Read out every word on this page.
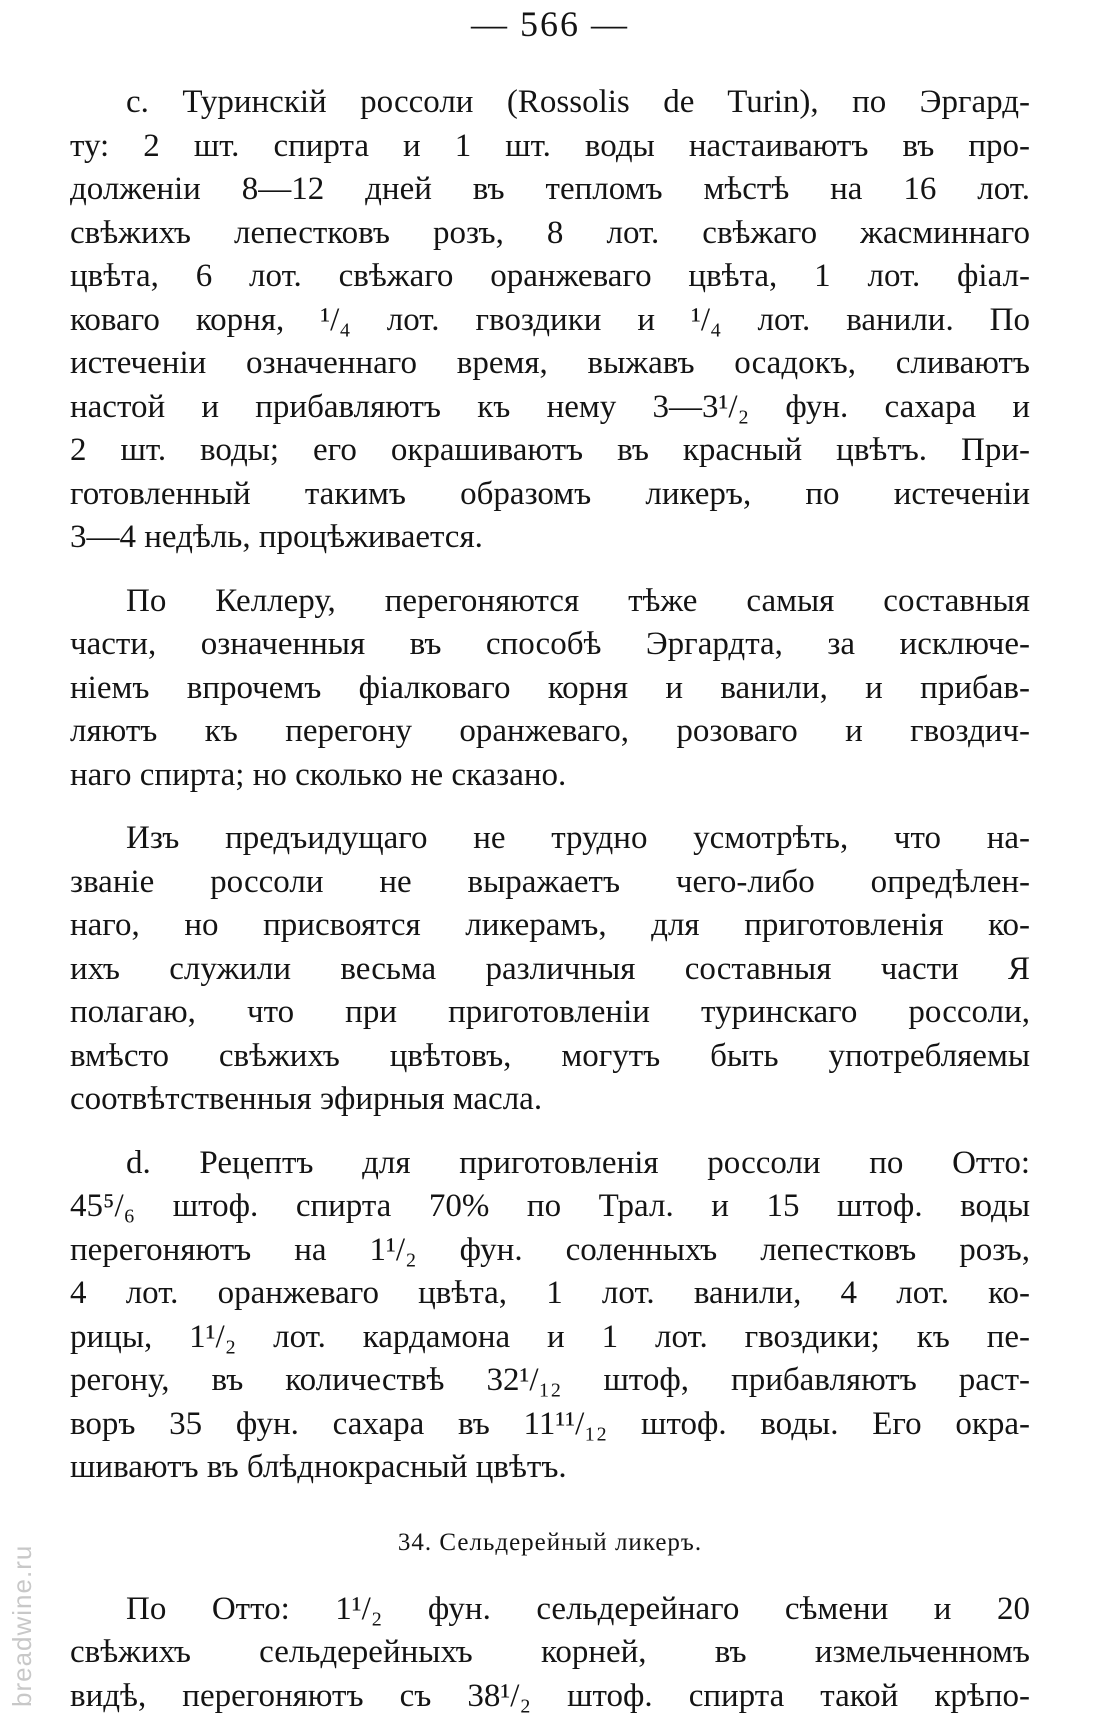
— 566 —
с. Туринскій россоли (Rossolis de Turin), по Эргард-
ту: 2 шт. спирта и 1 шт. воды настаиваютъ въ про-
долженіи 8—12 дней въ тепломъ мѣстѣ на 16 лот.
свѣжихъ лепестковъ розъ, 8 лот. свѣжаго жасминнаго
цвѣта, 6 лот. свѣжаго оранжеваго цвѣта, 1 лот. фіал-
коваго корня, ¹/₄ лот. гвоздики и ¹/₄ лот. ванили. По
истеченіи означеннаго время, выжавъ осадокъ, сливаютъ
настой и прибавляютъ къ нему 3—3¹/₂ фун. сахара и
2 шт. воды; его окрашиваютъ въ красный цвѣтъ. При-
готовленный такимъ образомъ ликеръ, по истеченіи
3—4 недѣль, процѣживается.
По Келлеру, перегоняются тѣже самыя составныя
части, означенныя въ способѣ Эргардта, за исключе-
ніемъ впрочемъ фіалковаго корня и ванили, и прибав-
ляютъ къ перегону оранжеваго, розоваго и гвоздич-
наго спирта; но сколько не сказано.
Изъ предъидущаго не трудно усмотрѣть, что на-
званіе россоли не выражаетъ чего-либо опредѣлен-
наго, но присвоятся ликерамъ, для приготовленія ко-
ихъ служили весьма различныя составныя части Я
полагаю, что при приготовленіи туринскаго россоли,
вмѣсто свѣжихъ цвѣтовъ, могутъ быть употребляемы
соотвѣтственныя эфирныя масла.
d. Рецептъ для приготовленія россоли по Отто:
45⁵/₆ штоф. спирта 70% по Трал. и 15 штоф. воды
перегоняютъ на 1¹/₂ фун. соленныхъ лепестковъ розъ,
4 лот. оранжеваго цвѣта, 1 лот. ванили, 4 лот. ко-
рицы, 1¹/₂ лот. кардамона и 1 лот. гвоздики; къ пе-
регону, въ количествѣ 32¹/₁₂ штоф, прибавляютъ раст-
воръ 35 фун. сахара въ 11¹¹/₁₂ штоф. воды. Его окра-
шиваютъ въ блѣднокрасный цвѣтъ.
34. Сельдерейный ликеръ.
По Отто: 1¹/₂ фун. сельдерейнаго сѣмени и 20
свѣжихъ сельдерейныхъ корней, въ измельченномъ
видѣ, перегоняютъ съ 38¹/₂ штоф. спирта такой крѣпо-
breadwine.ru
